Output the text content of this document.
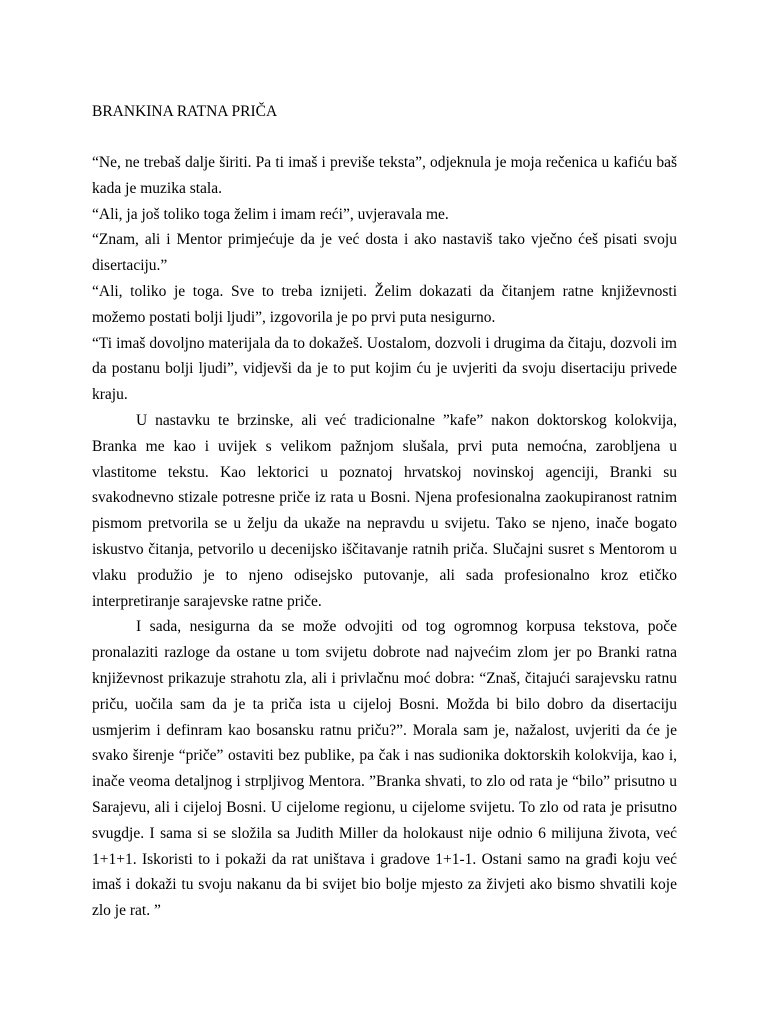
BRANKINA RATNA PRIČA
“Ne, ne trebaš dalje širiti. Pa ti imaš i previše teksta”, odjeknula je moja rečenica u kafiću baš
kada je muzika stala.
“Ali, ja još toliko toga želim i imam reći”, uvjeravala me.
“Znam, ali i Mentor primjećuje da je već dosta i ako nastaviš tako vječno ćeš pisati svoju
disertaciju.”
“Ali, toliko je toga. Sve to treba iznijeti. Želim dokazati da čitanjem ratne književnosti
možemo postati bolji ljudi”, izgovorila je po prvi puta nesigurno.
“Ti imaš dovoljno materijala da to dokažeš. Uostalom, dozvoli i drugima da čitaju, dozvoli im
da postanu bolji ljudi”, vidjevši da je to put kojim ću je uvjeriti da svoju disertaciju privede
kraju.
U nastavku te brzinske, ali već tradicionalne ”kafe” nakon doktorskog kolokvija,
Branka me kao i uvijek s velikom pažnjom slušala, prvi puta nemoćna, zarobljena u
vlastitome tekstu. Kao lektorici u poznatoj hrvatskoj novinskoj agenciji, Branki su
svakodnevno stizale potresne priče iz rata u Bosni. Njena profesionalna zaokupiranost ratnim
pismom pretvorila se u želju da ukaže na nepravdu u svijetu. Tako se njeno, inače bogato
iskustvo čitanja, petvorilo u decenijsko iščitavanje ratnih priča. Slučajni susret s Mentorom u
vlaku produžio je to njeno odisejsko putovanje, ali sada profesionalno kroz etičko
interpretiranje sarajevske ratne priče.
I sada, nesigurna da se može odvojiti od tog ogromnog korpusa tekstova, poče
pronalaziti razloge da ostane u tom svijetu dobrote nad najvećim zlom jer po Branki ratna
književnost prikazuje strahotu zla, ali i privlačnu moć dobra: “Znaš, čitajući sarajevsku ratnu
priču, uočila sam da je ta priča ista u cijeloj Bosni. Možda bi bilo dobro da disertaciju
usmjerim i definram kao bosansku ratnu priču?”. Morala sam je, nažalost, uvjeriti da će je
svako širenje “priče” ostaviti bez publike, pa čak i nas sudionika doktorskih kolokvija, kao i,
inače veoma detaljnog i strpljivog Mentora. ”Branka shvati, to zlo od rata je “bilo” prisutno u
Sarajevu, ali i cijeloj Bosni. U cijelome regionu, u cijelome svijetu. To zlo od rata je prisutno
svugdje. I sama si se složila sa Judith Miller da holokaust nije odnio 6 milijuna života, već
1+1+1. Iskoristi to i pokaži da rat uništava i gradove 1+1-1. Ostani samo na građi koju već
imaš i dokaži tu svoju nakanu da bi svijet bio bolje mjesto za živjeti ako bismo shvatili koje
zlo je rat. ”
